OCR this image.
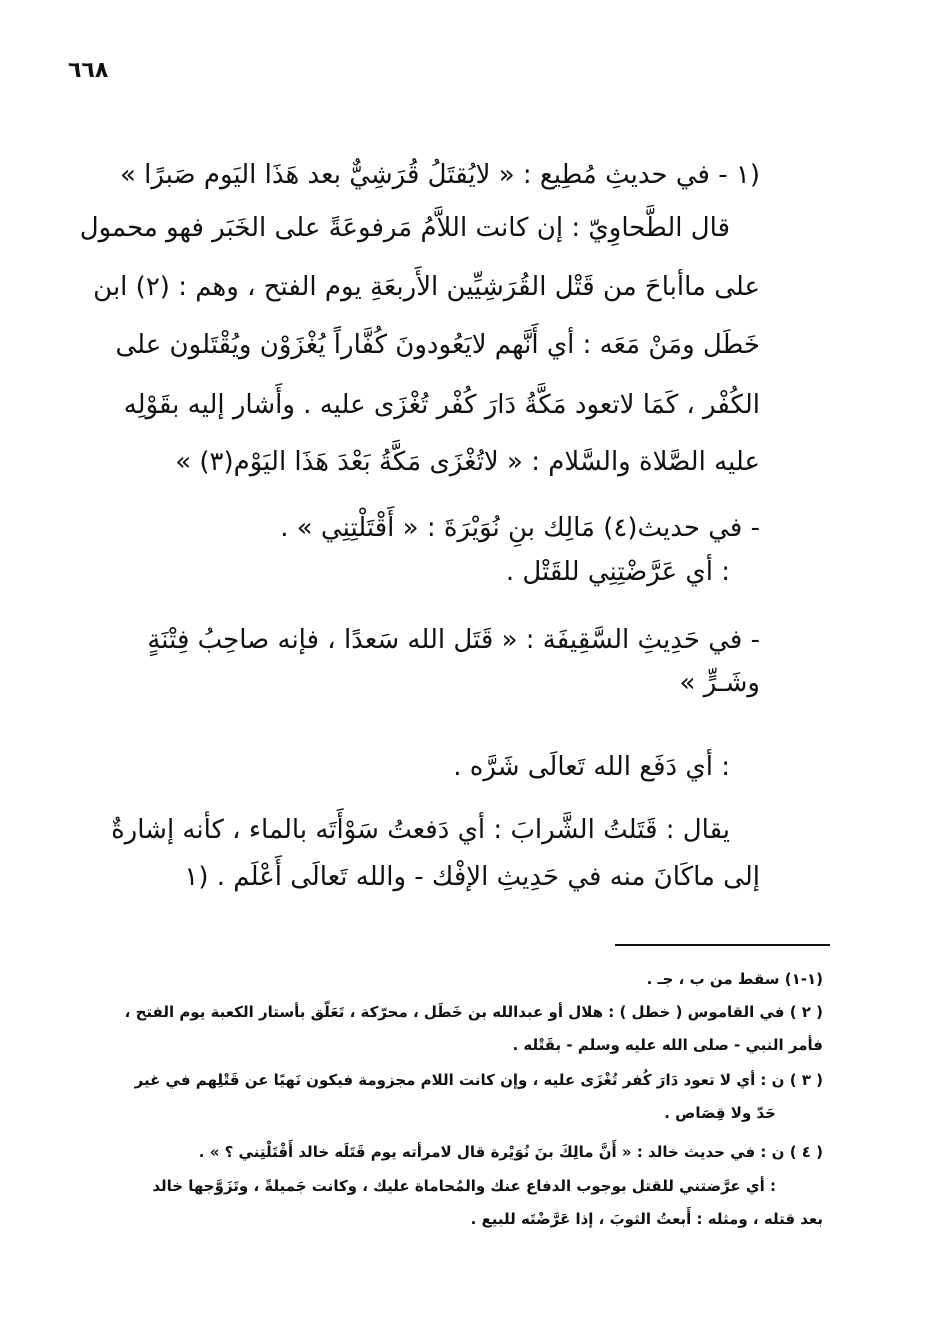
٦٦٨
(١ - في حديثِ مُطِيع : « لايُقتَلُ قُرَشِيٌّ بعد هَذَا اليَوم صَبرًا »
قال الطَّحاوِيّ : إن كانت اللاَّمُ مَرفوعَةً على الخَبَر فهو محمول
على ماأباحَ من قَتْل القُرَشِيِّين الأَربعَةِ يوم الفتح ، وهم : (٢) ابن
خَطَل ومَنْ مَعَه : أي أَنَّهم لايَعُودونَ كُفَّاراً يُغْزَوْن ويُقْتَلون على
الكُفْر ، كَمَا لاتعود مَكَّةُ دَارَ كُفْر تُغْزَى عليه . وأَشار إليه بقَوْلِه
عليه الصَّلاة والسَّلام : « لاتُغْزَى مَكَّةُ بَعْدَ هَذَا اليَوْم(٣) »
- في حديث(٤) مَالِك بنِ نُوَيْرَةَ : « أَقْتَلْتِنِي » .
: أي عَرَّضْتِنِي للقَتْل .
- في حَدِيثِ السَّقِيفَة : « قَتَل الله سَعدًا ، فإنه صاحِبُ فِتْنَةٍ
وشَـرٍّ »
: أي دَفَع الله تَعالَى شَرَّه .
يقال : قَتَلتُ الشَّرابَ : أي دَفعتُ سَوْأَتَه بالماء ، كأنه إشارةٌ
إلى ماكَانَ منه في حَدِيثِ الإفْك - والله تَعالَى أَعْلَم . (١
(١-١) سقط من ب ، جـ .
( ٢ ) في القاموس ( خطل ) : هلال أو عبدالله بن خَطَل ، محرّكة ، تَعَلّق بأستار الكعبة يوم الفتح ،
فأمر النبي - صلى الله عليه وسلم - بقَتْله .
( ٣ ) ن : أي لا تعود دَارَ كُفر تُغْزَى عليه ، وإن كانت اللام مجزومة فيكون نَهيًا عن قَتْلِهم في غير
حَدّ ولا قِصَاص .
( ٤ ) ن : في حديث خالد : « أَنَّ مالِكَ بنَ نُوَيْرة قال لامرأته يوم قَتَلَه خالد أَقْتَلْتِني ؟ » .
: أي عرَّضتني للقتل بوجوب الدفاع عنك والمُحاماة عليك ، وكانت جَميلةً ، وتَزَوَّجها خالد
بعد قتله ، ومثله : أَبعتُ الثوبَ ، إذا عَرَّضْتَه للبيع .
